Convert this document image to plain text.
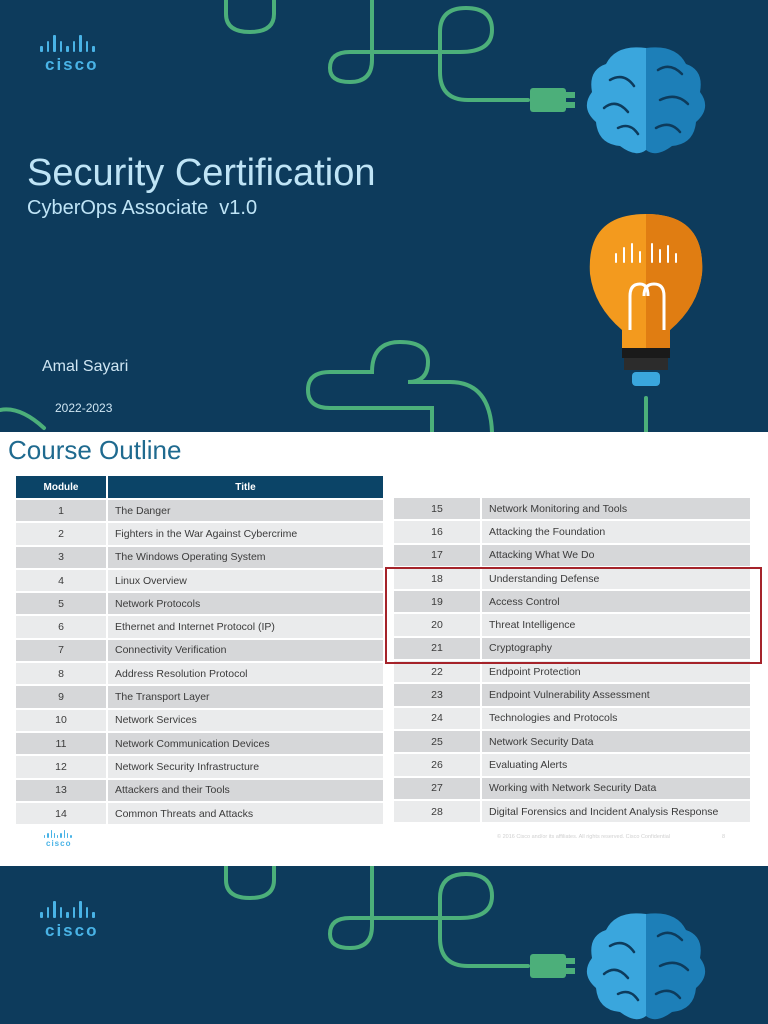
cisco
Security Certification
CyberOps Associate  v1.0
Amal Sayari
2022-2023
Course Outline
Module	Title
1	The Danger
2	Fighters in the War Against Cybercrime
3	The Windows Operating System
4	Linux Overview
5	Network Protocols
6	Ethernet and Internet Protocol (IP)
7	Connectivity Verification
8	Address Resolution Protocol
9	The Transport Layer
10	Network Services
11	Network Communication Devices
12	Network Security Infrastructure
13	Attackers and their Tools
14	Common Threats and Attacks
15	Network Monitoring and Tools
16	Attacking the Foundation
17	Attacking What We Do
18	Understanding Defense
19	Access Control
20	Threat Intelligence
21	Cryptography
22	Endpoint Protection
23	Endpoint Vulnerability Assessment
24	Technologies and Protocols
25	Network Security Data
26	Evaluating Alerts
27	Working with Network Security Data
28	Digital Forensics and Incident Analysis Response
cisco
© 2016 Cisco and/or its affiliates. All rights reserved. Cisco Confidential	8
cisco
